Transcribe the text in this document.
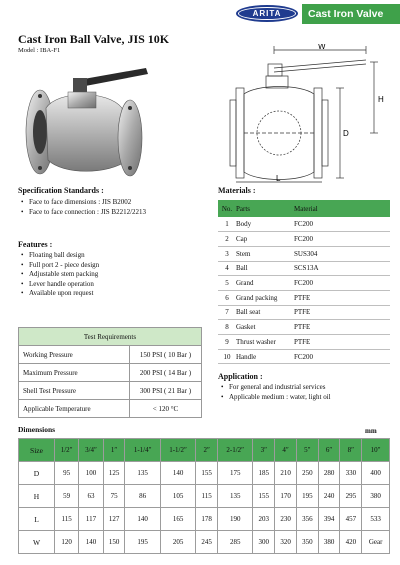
ARITA	Cast Iron Valve
Cast Iron Ball Valve, JIS 10K
Model : IBA-F1	W
H
D
L
Specification Standards :
• Face to face dimensions : JIS B2002
• Face to face connection : JIS B2212/2213
Features :
• Floating ball design
• Full port 2 - piece design
• Adjustable stem packing
• Lever handle operation
• Available upon request
Materials :
No.	Parts	Material
1	Body	FC200
2	Cap	FC200
3	Stem	SUS304
4	Ball	SCS13A
5	Grand	FC200
6	Grand packing	PTFE
7	Ball seat	PTFE
8	Gasket	PTFE
9	Thrust washer	PTFE
10	Handle	FC200
Application :
• For general and industrial services
• Applicable medium : water, light oil
Test Requirements	
Working Pressure	150 PSI ( 10 Bar )
Maximum Pressure	200 PSI ( 14 Bar )
Shell Test Pressure	300 PSI ( 21 Bar )
Applicable Temperature	< 120 °C
Dimensions	mm
Size	1/2″	3/4″	1″	1-1/4″	1-1/2″	2″	2-1/2″	3″	4″	5″	6″	8″	10″
D	95	100	125	135	140	155	175	185	210	250	280	330	400
H	59	63	75	86	105	115	135	155	170	195	240	295	380
L	115	117	127	140	165	178	190	203	230	356	394	457	533
W	120	140	150	195	205	245	285	300	320	350	380	420	Gear
